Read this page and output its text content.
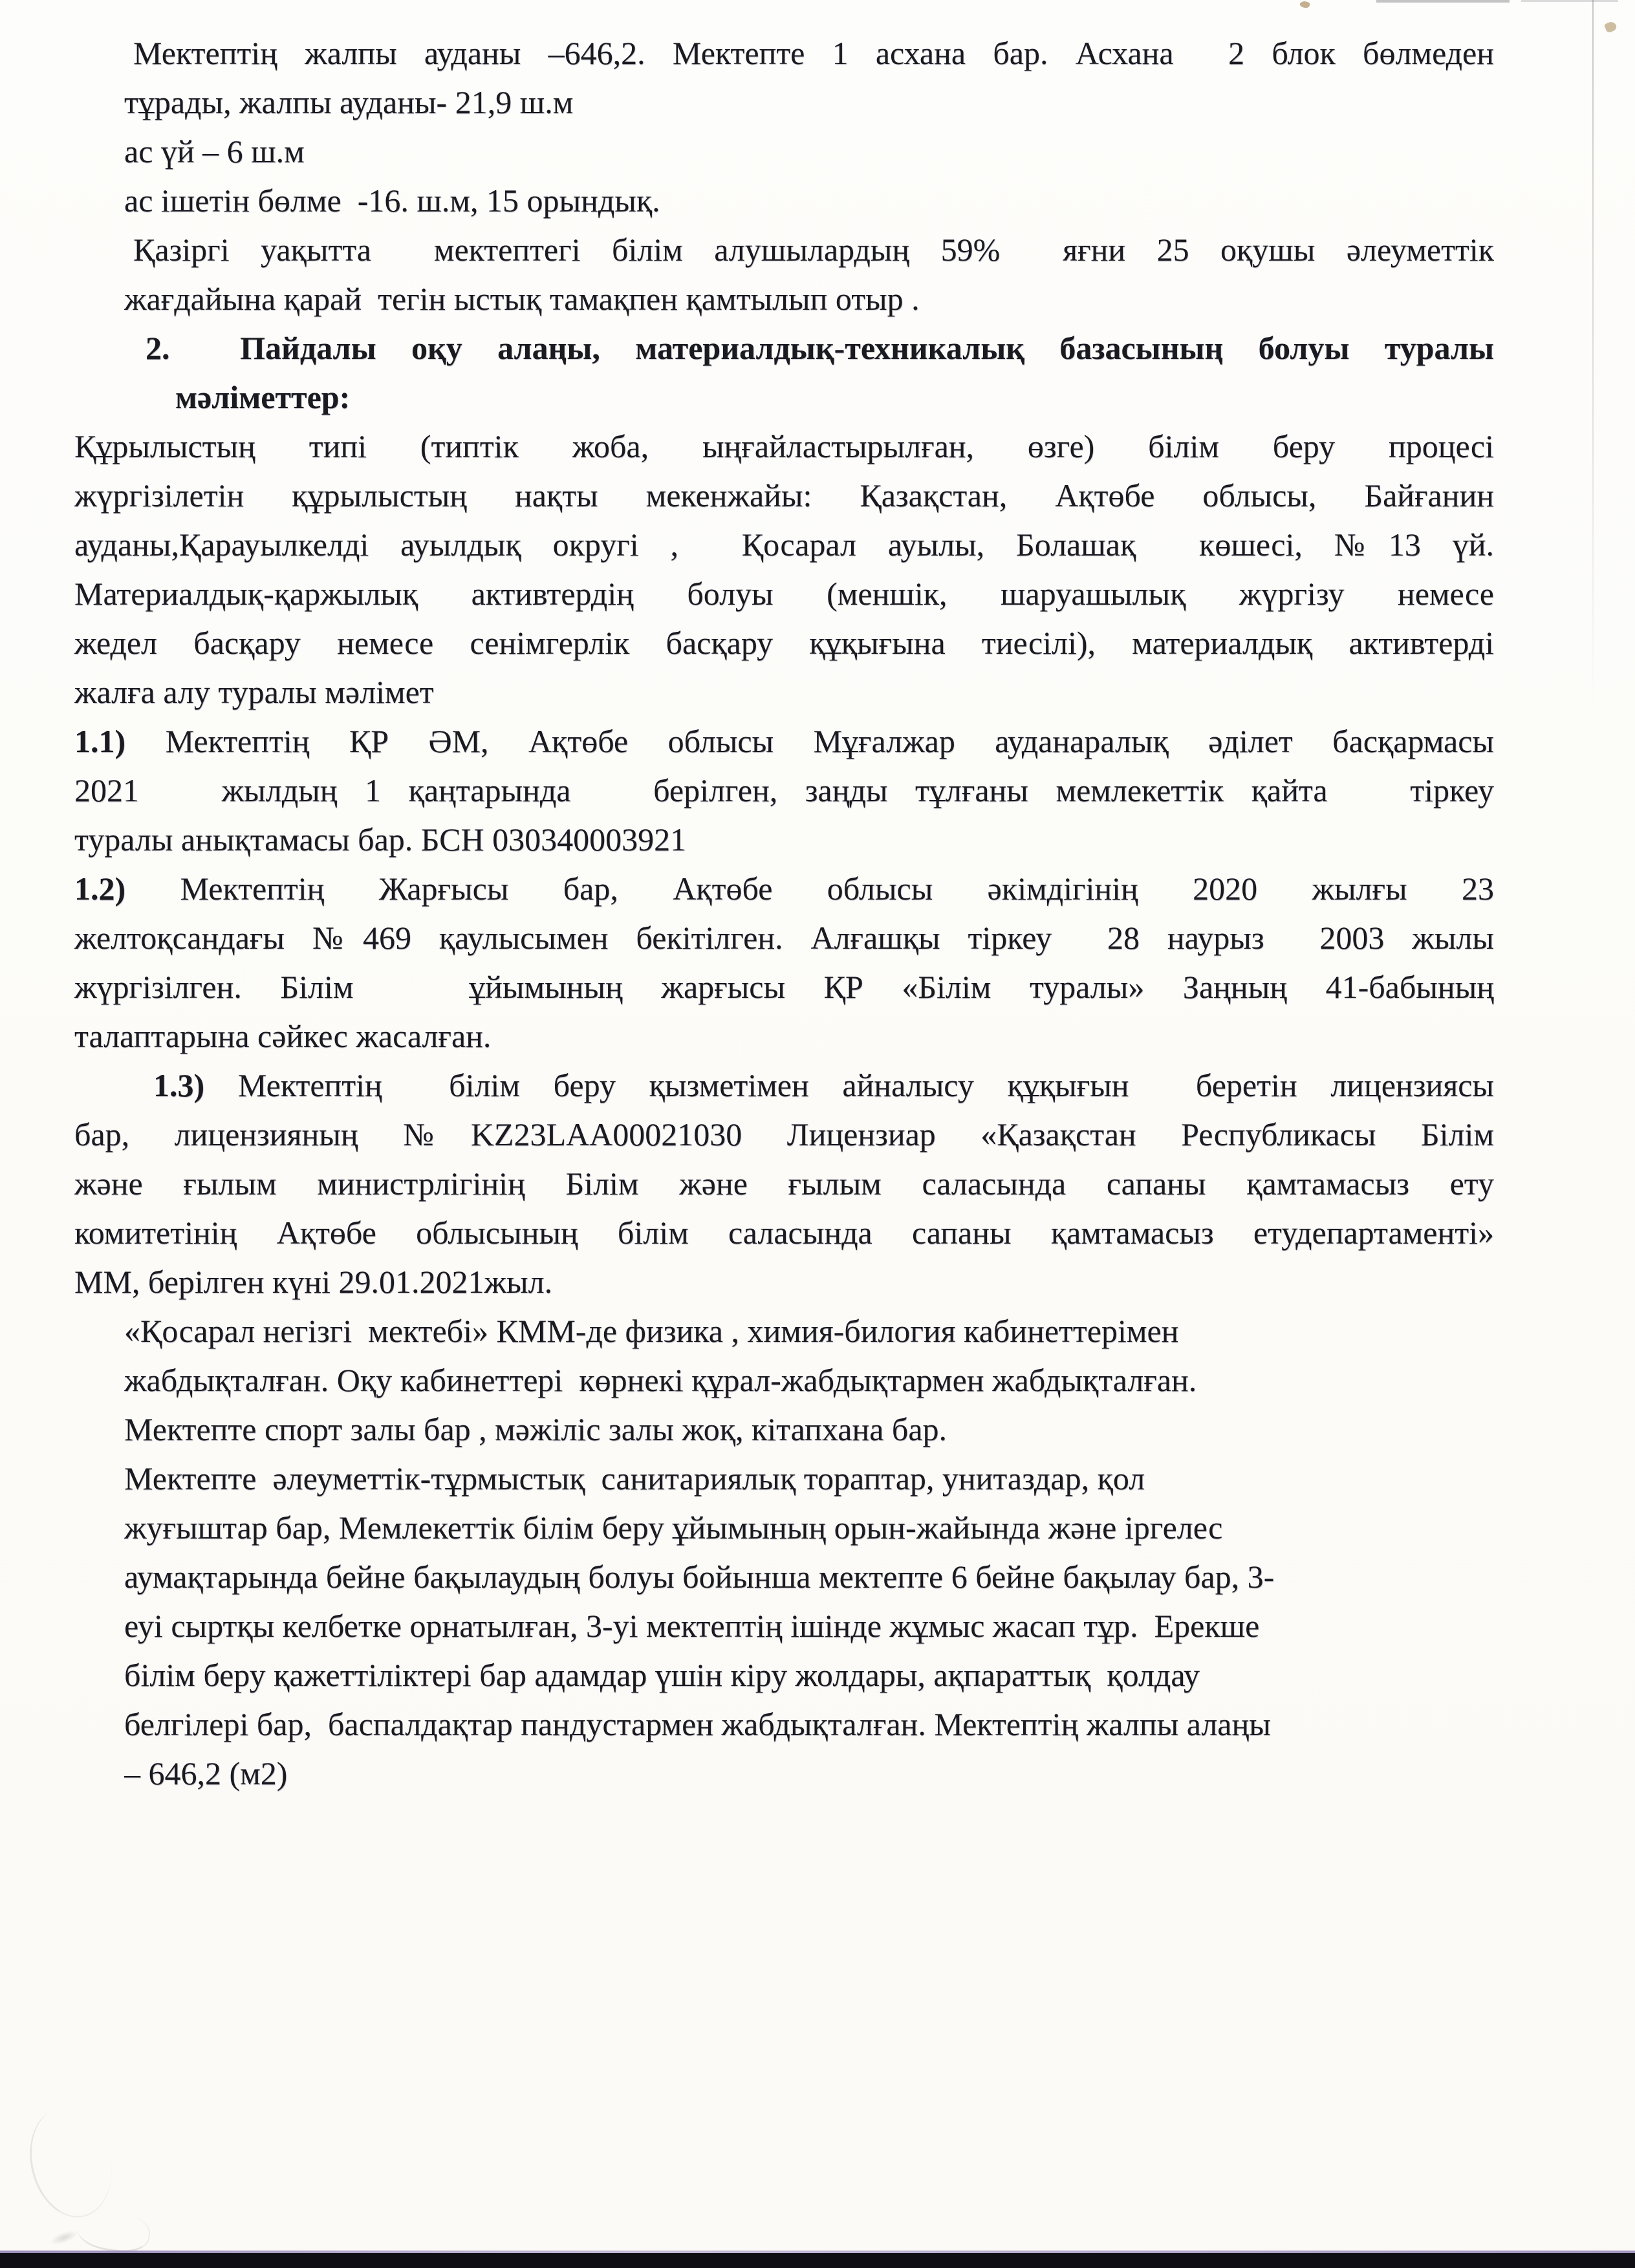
Мектептің жалпы ауданы –646,2. Мектепте 1 асхана бар. Асхана  2 блок бөлмеден
тұрады, жалпы ауданы- 21,9 ш.м
ас үй – 6 ш.м
ас ішетін бөлме  -16. ш.м, 15 орындық.
Қазіргі уақытта  мектептегі білім алушылардың 59%  яғни 25 оқушы әлеуметтік
жағдайына қарай  тегін ыстық тамақпен қамтылып отыр .
2.  Пайдалы оқу алаңы, материалдық-техникалық базасының болуы туралы
мәліметтер:
Құрылыстың типі (типтік жоба, ыңғайластырылған, өзге) білім беру процесі
жүргізілетін құрылыстың нақты мекенжайы: Қазақстан, Ақтөбе облысы, Байғанин
ауданы,Қарауылкелді ауылдық округі ,  Қосарал ауылы, Болашақ  көшесі, №13 үй.
Материалдық-қаржылық активтердің болуы (меншік, шаруашылық жүргізу немесе
жедел басқару немесе сенімгерлік басқару құқығына тиесілі), материалдық активтерді
жалға алу туралы мәлімет
1.1) Мектептің ҚР ӘМ, Ақтөбе облысы Мұғалжар ауданаралық әділет басқармасы
2021   жылдың 1 қаңтарында   берілген, заңды тұлғаны мемлекеттік қайта   тіркеу
туралы анықтамасы бар. БСН 030340003921
1.2)  Мектептің  Жарғысы  бар,  Ақтөбе  облысы  әкімдігінің  2020  жылғы  23
желтоқсандағы №469 қаулысымен бекітілген. Алғашқы тіркеу  28 наурыз  2003 жылы
жүргізілген. Білім   ұйымының жарғысы ҚР «Білім туралы» Заңның 41-бабының
талаптарына сәйкес жасалған.
1.3) Мектептің  білім беру қызметімен айналысу құқығын  беретін лицензиясы
бар, лицензияның №KZ23LAA00021030 Лицензиар «Қазақстан Республикасы Білім
және ғылым министрлігінің Білім және ғылым саласында сапаны қамтамасыз ету
комитетінің Ақтөбе облысының білім саласында сапаны қамтамасыз етудепартаменті»
ММ, берілген күні 29.01.2021жыл.
«Қосарал негізгі  мектебі» КММ-де физика , химия-билогия кабинеттерімен
жабдықталған. Оқу кабинеттері  көрнекі құрал-жабдықтармен жабдықталған.
Мектепте спорт залы бар , мәжіліс залы жоқ, кітапхана бар.
Мектепте  әлеуметтік-тұрмыстық  санитариялық тораптар, унитаздар, қол
жуғыштар бар, Мемлекеттік білім беру ұйымының орын-жайында және іргелес
аумақтарында бейне бақылаудың болуы бойынша мектепте 6 бейне бақылау бар, 3-
еуі сыртқы келбетке орнатылған, 3-уі мектептің ішінде жұмыс жасап тұр.  Ерекше
білім беру қажеттіліктері бар адамдар үшін кіру жолдары, ақпараттық  қолдау
белгілері бар,  баспалдақтар пандустармен жабдықталған. Мектептің жалпы алаңы
– 646,2 (м2)
